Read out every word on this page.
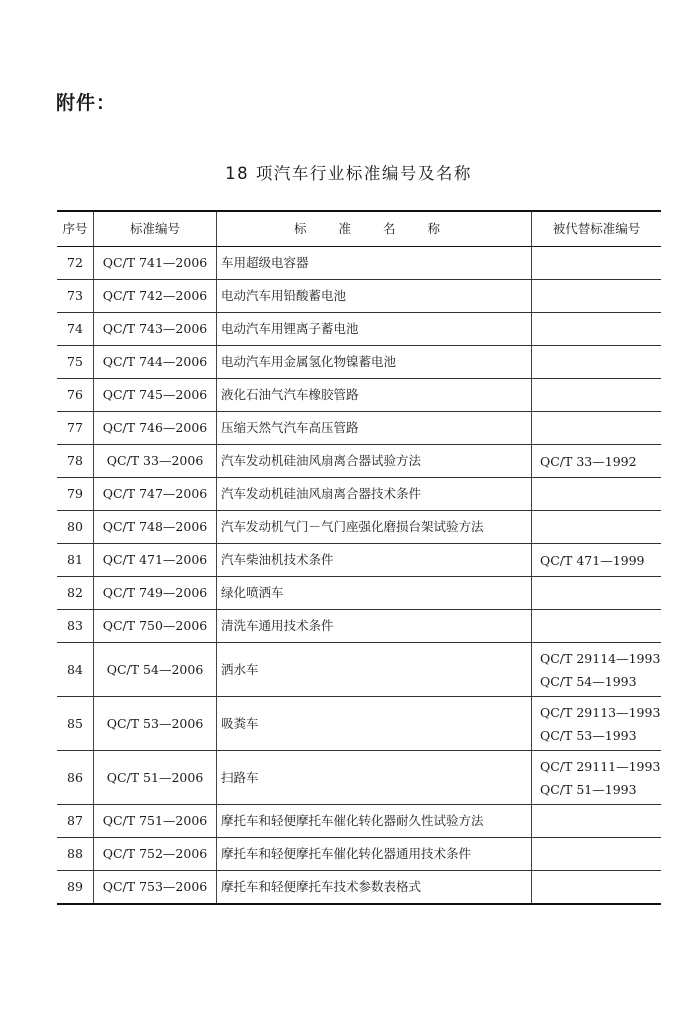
附件：
18 项汽车行业标准编号及名称
序号	标准编号	标 准 名 称	被代替标准编号
72	QC/T 741—2006	车用超级电容器	
73	QC/T 742—2006	电动汽车用铅酸蓄电池	
74	QC/T 743—2006	电动汽车用锂离子蓄电池	
75	QC/T 744—2006	电动汽车用金属氢化物镍蓄电池	
76	QC/T 745—2006	液化石油气汽车橡胶管路	
77	QC/T 746—2006	压缩天然气汽车高压管路	
78	QC/T 33—2006	汽车发动机硅油风扇离合器试验方法	QC/T 33—1992

79	QC/T 747—2006	汽车发动机硅油风扇离合器技术条件	
80	QC/T 748—2006	汽车发动机气门－气门座强化磨损台架试验方法	
81	QC/T 471—2006	汽车柴油机技术条件	QC/T 471—1999

82	QC/T 749—2006	绿化喷洒车	
83	QC/T 750—2006	清洗车通用技术条件	
84	QC/T 54—2006	洒水车	QC/T 29114—1993
QC/T 54—1993

85	QC/T 53—2006	吸粪车	QC/T 29113—1993
QC/T 53—1993

86	QC/T 51—2006	扫路车	QC/T 29111—1993
QC/T 51—1993

87	QC/T 751—2006	摩托车和轻便摩托车催化转化器耐久性试验方法	
88	QC/T 752—2006	摩托车和轻便摩托车催化转化器通用技术条件	
89	QC/T 753—2006	摩托车和轻便摩托车技术参数表格式	
